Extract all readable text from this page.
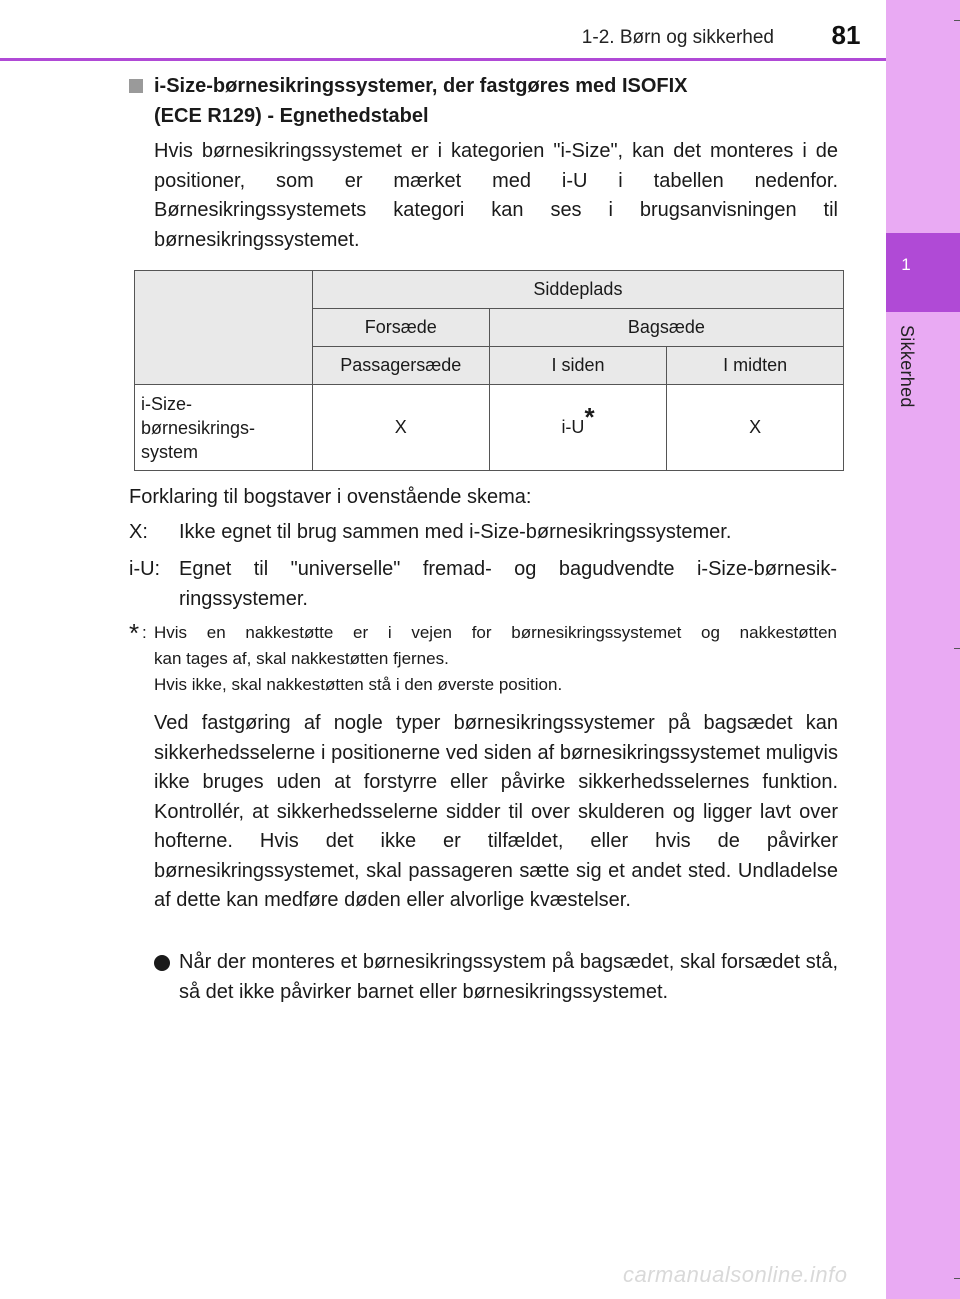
1
Sikkerhed
1-2. Børn og sikkerhed	81
i-Size-børnesikringssystemer, der fastgøres med ISOFIX
(ECE R129) - Egnethedstabel
Hvis børnesikringssystemet er i kategorien "i-Size", kan det monteres i de positioner, som er mærket med i-U i tabellen nedenfor. Børnesikringssystemets kategori kan ses i brugsanvisningen til børnesikringssystemet.
	Siddeplads		
	Forsæde	Bagsæde	
	Passagersæde	I siden	I midten

i-Size-
børnesikrings-
system	X	i-U*	X
Forklaring til bogstaver i ovenstående skema:
X: Ikke egnet til brug sammen med i-Size-børnesikringssystemer.
i-U: Egnet til "universelle" fremad- og bagudvendte i-Size-børnesik-
ringssystemer.
* : Hvis en nakkestøtte er i vejen for børnesikringssystemet og nakkestøtten
kan tages af, skal nakkestøtten fjernes.
Hvis ikke, skal nakkestøtten stå i den øverste position.
Ved fastgøring af nogle typer børnesikringssystemer på bagsædet kan sikkerhedsselerne i positionerne ved siden af børnesikringssystemet muligvis ikke bruges uden at forstyrre eller påvirke sikkerhedsselernes funktion. Kontrollér, at sikkerhedsselerne sidder til over skulderen og ligger lavt over hofterne. Hvis det ikke er tilfældet, eller hvis de påvirker børnesikringssystemet, skal passageren sætte sig et andet sted. Undladelse af dette kan medføre døden eller alvorlige kvæstelser.
Når der monteres et børnesikringssystem på bagsædet, skal forsædet stå, så det ikke påvirker barnet eller børnesikringssystemet.
carmanualsonline.info
